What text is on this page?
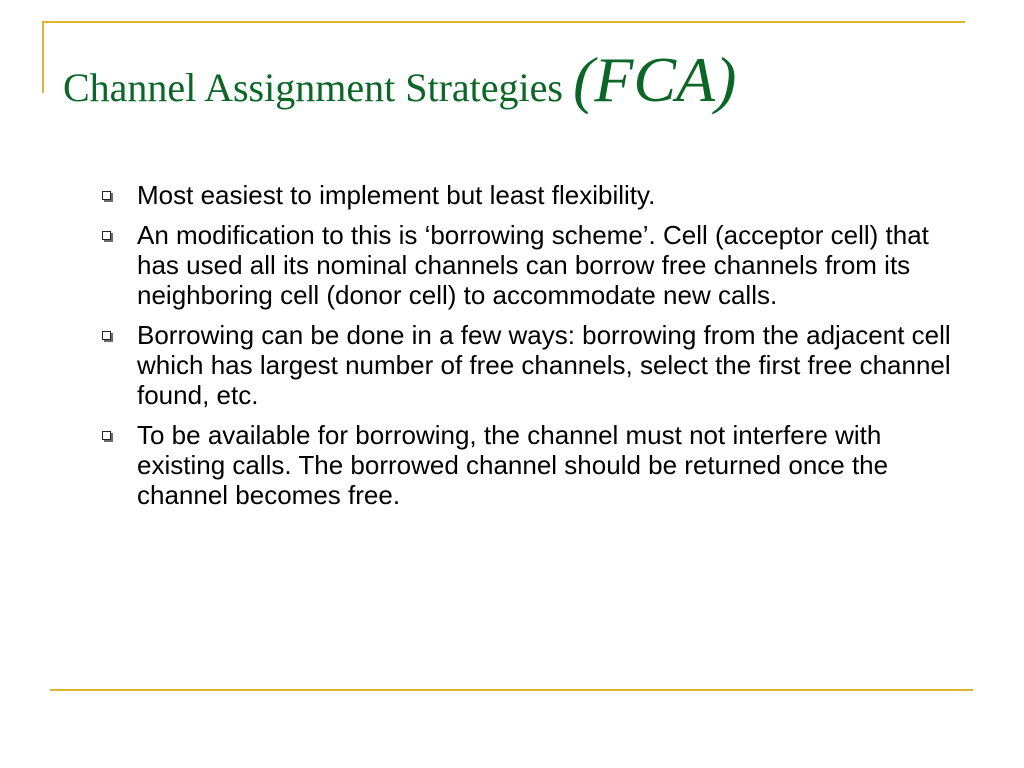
Channel Assignment Strategies (FCA)
Most easiest to implement but least flexibility.
An modification to this is ‘borrowing scheme’. Cell (acceptor cell) that has used all its nominal channels can borrow free channels from its neighboring cell (donor cell) to accommodate new calls.
Borrowing can be done in a few ways: borrowing from the adjacent cell which has largest number of free channels, select the first free channel found, etc.
To be available for borrowing, the channel must not interfere with existing calls. The borrowed channel should be returned once the channel becomes free.
